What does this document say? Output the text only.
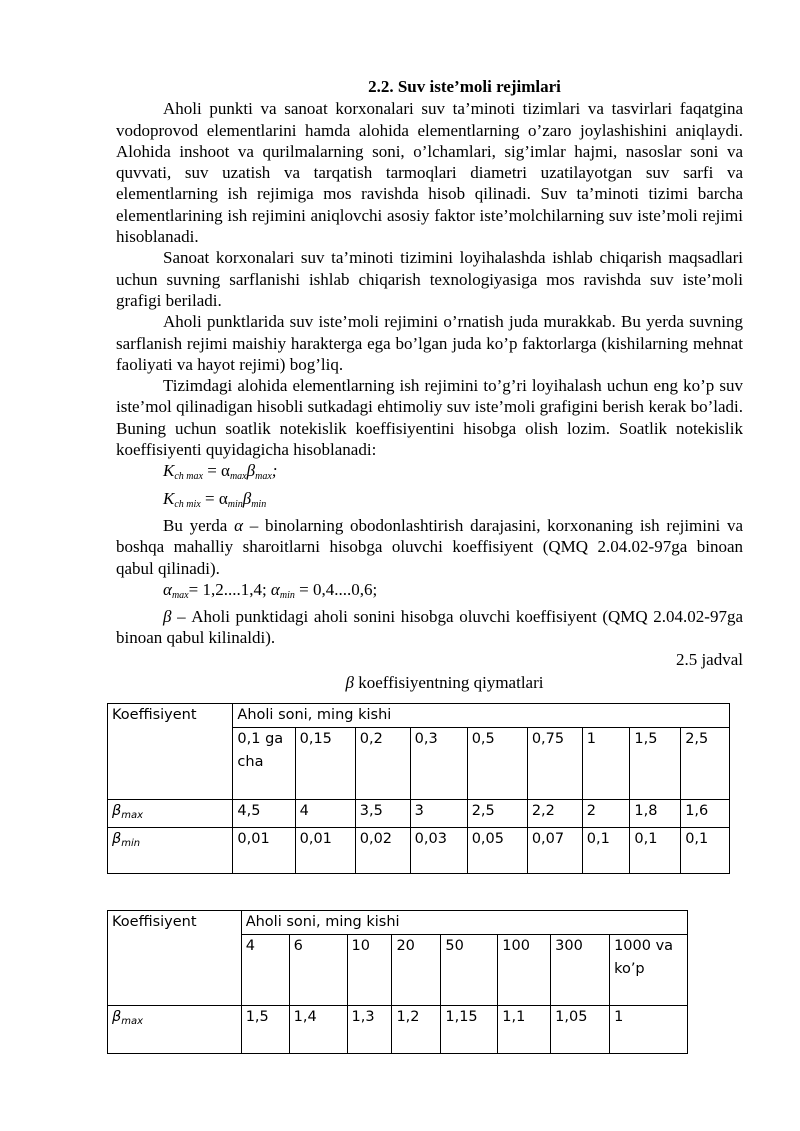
2.2. Suv iste’moli rejimlari

Aholi punkti va sanoat korxonalari suv ta’minoti tizimlari va tasvirlari faqatgina vodoprovod elementlarini hamda alohida elementlarning o’zaro joylashishini aniqlaydi. Alohida inshoot va qurilmalarning soni, o’lchamlari, sig’imlar hajmi, nasoslar soni va quvvati, suv uzatish va tarqatish tarmoqlari diametri uzatilayotgan suv sarfi va elementlarning ish rejimiga mos ravishda hisob qilinadi. Suv ta’minoti tizimi barcha elementlarining ish rejimini aniqlovchi asosiy faktor iste’molchilarning suv iste’moli rejimi hisoblanadi.

Sanoat korxonalari suv ta’minoti tizimini loyihalashda ishlab chiqarish maqsadlari uchun suvning sarflanishi ishlab chiqarish texnologiyasiga mos ravishda suv iste’moli grafigi beriladi.

Aholi punktlarida suv iste’moli rejimini o’rnatish juda murakkab. Bu yerda suvning sarflanish rejimi maishiy harakterga ega bo’lgan juda ko’p faktorlarga (kishilarning mehnat faoliyati va hayot rejimi) bog’liq.

Tizimdagi alohida elementlarning ish rejimini to’g’ri loyihalash uchun eng ko’p suv iste’mol qilinadigan hisobli sutkadagi ehtimoliy suv iste’moli grafigini berish kerak bo’ladi. Buning uchun soatlik notekislik koeffisiyentini hisobga olish lozim. Soatlik notekislik koeffisiyenti quyidagicha hisoblanadi:

$K_{ch max} = \alpha_{max}\beta_{max}$;

$K_{ch mix} = \alpha_{min}\beta_{min}$

Bu yerda α – binolarning obodonlashtirish darajasini, korxonaning ish rejimini va boshqa mahalliy sharoitlarni hisobga oluvchi koeffisiyent (QMQ 2.04.02-97ga binoan qabul qilinadi).

$\alpha_{max}= 1,2....1,4$; $\alpha_{min} = 0,4....0,6$;

β – Aholi punktidagi aholi sonini hisobga oluvchi koeffisiyent (QMQ 2.04.02-97ga binoan qabul kilinaldi).

2.5 jadval

β koeffisiyentning qiymatlari

Koeffisiyent	Aholi soni, ming kishi								
	0,1 gacha	0,15	0,2	0,3	0,5	0,75	1	1,5	2,5
$\beta_{max}$	4,5	4	3,5	3	2,5	2,2	2	1,8	1,6
$\beta_{min}$	0,01	0,01	0,02	0,03	0,05	0,07	0,1	0,1	0,1
Koeffisiyent	Aholi soni, ming kishi							
	4	6	10	20	50	100	300	1000 va ko’p
$\beta_{max}$	1,5	1,4	1,3	1,2	1,15	1,1	1,05	1
